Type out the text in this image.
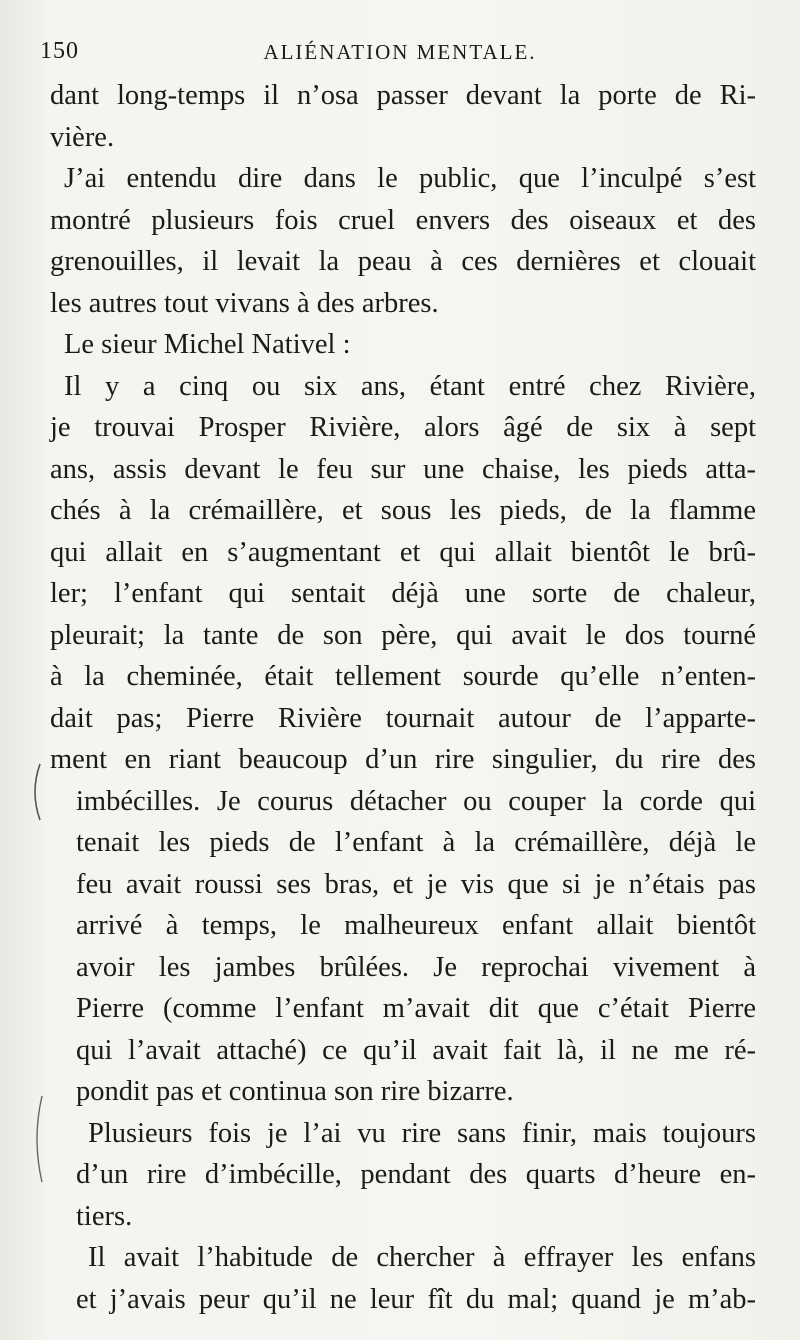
150	ALIÉNATION MENTALE.
dant long-temps il n’osa passer devant la porte de Ri-
vière.
J’ai entendu dire dans le public, que l’inculpé s’est
montré plusieurs fois cruel envers des oiseaux et des
grenouilles, il levait la peau à ces dernières et clouait
les autres tout vivans à des arbres.
Le sieur Michel Nativel :
Il y a cinq ou six ans, étant entré chez Rivière,
je trouvai Prosper Rivière, alors âgé de six à sept
ans, assis devant le feu sur une chaise, les pieds atta-
chés à la crémaillère, et sous les pieds, de la flamme
qui allait en s’augmentant et qui allait bientôt le brû-
ler; l’enfant qui sentait déjà une sorte de chaleur,
pleurait; la tante de son père, qui avait le dos tourné
à la cheminée, était tellement sourde qu’elle n’enten-
dait pas; Pierre Rivière tournait autour de l’apparte-
ment en riant beaucoup d’un rire singulier, du rire des
imbécilles. Je courus détacher ou couper la corde qui
tenait les pieds de l’enfant à la crémaillère, déjà le
feu avait roussi ses bras, et je vis que si je n’étais pas
arrivé à temps, le malheureux enfant allait bientôt
avoir les jambes brûlées. Je reprochai vivement à
Pierre (comme l’enfant m’avait dit que c’était Pierre
qui l’avait attaché) ce qu’il avait fait là, il ne me ré-
pondit pas et continua son rire bizarre.
Plusieurs fois je l’ai vu rire sans finir, mais toujours
d’un rire d’imbécille, pendant des quarts d’heure en-
tiers.
Il avait l’habitude de chercher à effrayer les enfans
et j’avais peur qu’il ne leur fît du mal; quand je m’ab-
